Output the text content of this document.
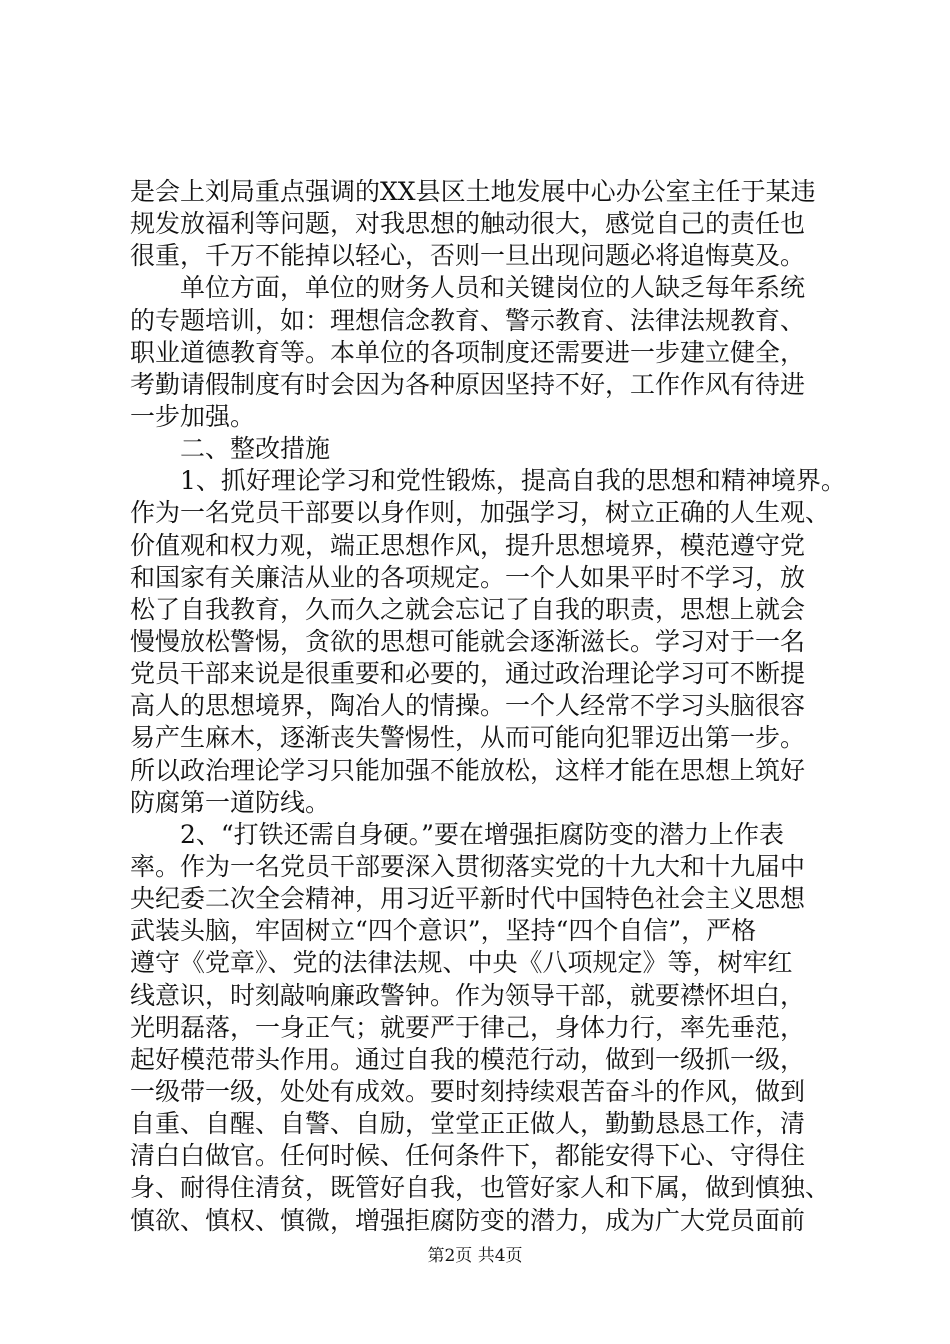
是会上刘局重点强调的XX县区土地发展中心办公室主任于某违
规发放福利等问题，对我思想的触动很大，感觉自己的责任也
很重，千万不能掉以轻心，否则一旦出现问题必将追悔莫及。
单位方面，单位的财务人员和关键岗位的人缺乏每年系统
的专题培训，如：理想信念教育、警示教育、法律法规教育、
职业道德教育等。本单位的各项制度还需要进一步建立健全，
考勤请假制度有时会因为各种原因坚持不好，工作作风有待进
一步加强。
二、整改措施
1、抓好理论学习和党性锻炼，提高自我的思想和精神境界。
作为一名党员干部要以身作则，加强学习，树立正确的人生观、
价值观和权力观，端正思想作风，提升思想境界，模范遵守党
和国家有关廉洁从业的各项规定。一个人如果平时不学习，放
松了自我教育，久而久之就会忘记了自我的职责，思想上就会
慢慢放松警惕，贪欲的思想可能就会逐渐滋长。学习对于一名
党员干部来说是很重要和必要的，通过政治理论学习可不断提
高人的思想境界，陶冶人的情操。一个人经常不学习头脑很容
易产生麻木，逐渐丧失警惕性，从而可能向犯罪迈出第一步。
所以政治理论学习只能加强不能放松，这样才能在思想上筑好
防腐第一道防线。
2、“打铁还需自身硬。”要在增强拒腐防变的潜力上作表
率。作为一名党员干部要深入贯彻落实党的十九大和十九届中
央纪委二次全会精神，用习近平新时代中国特色社会主义思想
武装头脑，牢固树立“四个意识”，坚持“四个自信”，严格
遵守《党章》、党的法律法规、中央《八项规定》等，树牢红
线意识，时刻敲响廉政警钟。作为领导干部，就要襟怀坦白，
光明磊落，一身正气；就要严于律己，身体力行，率先垂范，
起好模范带头作用。通过自我的模范行动，做到一级抓一级，
一级带一级，处处有成效。要时刻持续艰苦奋斗的作风，做到
自重、自醒、自警、自励，堂堂正正做人，勤勤恳恳工作，清
清白白做官。任何时候、任何条件下，都能安得下心、守得住
身、耐得住清贫，既管好自我，也管好家人和下属，做到慎独、
慎欲、慎权、慎微，增强拒腐防变的潜力，成为广大党员面前
第2页 共4页
